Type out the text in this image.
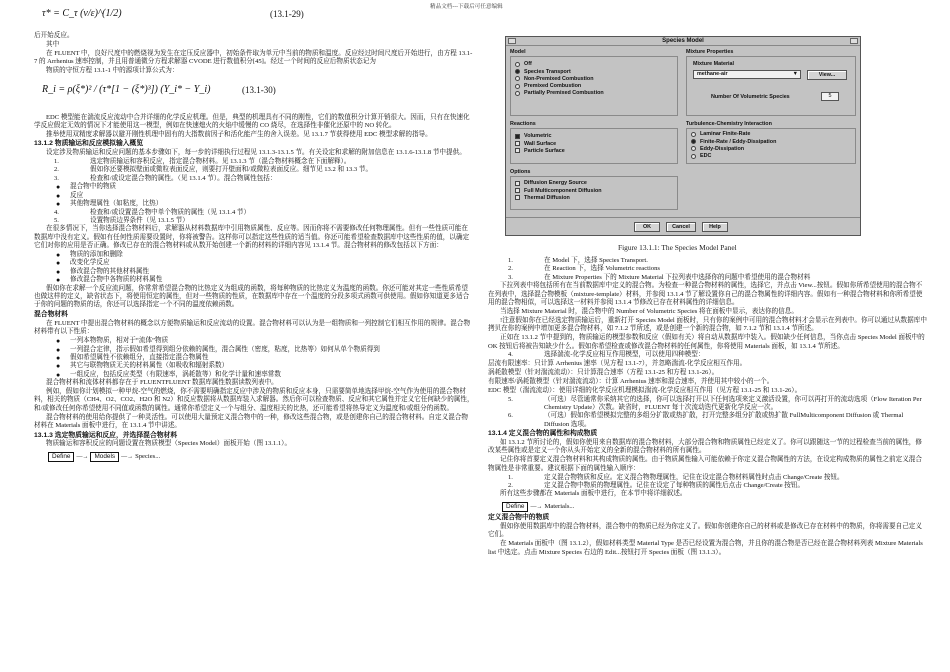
精品文档---下载后可任意编辑
τ* = C_τ (ν/ε)^(1/2)	(13.1-29)

后开始反应。

其中

在 FLUENT 中，良好尺度中的燃烧视为发生在定压反应器中，初始条件取为单元中当前的物质和温度。反应经过时间尺度后开始进行，由方程 13.1-7 的 Arrhenius 速率控制，并且用普通微分方程求解器 CVODE 进行数值积分[45]。经过一个时间的反应后物质状态记为

物质的守恒方程 13.1-1 中的源项计算公式为：

R_i = ρ(ξ*)² / (τ*[1 − (ξ*)³]) (Y_i* − Y_i)	(13.1-30)

EDC 模型能在湍流反应流动中合并详细的化学反应机理。但是，典型的机理具有不同的刚性，它们的数值积分计算开销很大。因而，只有在快速化学反应假定无效的情况下才能使用这一模型，例如在快速熄火的火焰中缓慢的 CO 烧尽，在选择性非催化还原中的 NO 转化。

推举使用双精度求解器以避开刚性机理中固有的大指数前因子和活化能产生的舍入误差。见 13.1.7 节获得使用 EDC 模型求解的指导。

13.1.2 物质输运和反应模拟输入概览

设定涉及物质输运和反应问题的基本步骤如下，每一步的详细执行过程见 13.1.3-13.1.5 节。有关设定和求解的附加信息在 13.1.6-13.1.8 节中提供。

1.	选定物质输运和容积反应，指定混合物材料。见 13.1.3 节（混合物材料概念在下面解释）。
2.	假如你还要模拟壁面或微粒表面反应，则要打开壁面和/或微粒表面反应。细节见 13.2 和 13.3 节。
3.	检查和/或设定混合物的属性。（见 13.1.4 节）。混合物属性包括：
●	混合物中的物质
●	反应
●	其他物理属性（如粘度，比热）
4.	检查和/或设置混合物中单个物质的属性（见 13.1.4 节）
5.	设置物质边界条件（见 13.1.5 节）

在很多情况下，当你选择混合物材料后，求解器从材料数据库中引用物质属性、反应等。因而你将不需要修改任何物理属性。但有一些性质可能在数据库中没有定义。假如有任何性质需要设置时，你将被警告。这样你可以指定这些性质的适当值。你还可能希望检查数据库中这些性质的值，以确定它们对你的应用是否正确。修改已存在的混合物材料或从数开始创建一个新的材料的详细内容见 13.1.4 节。混合物材料的修改包括以下方面：

●	物质的添加和删除
●	改变化学反应
●	修改混合物的其他材料属性
●	修改混合物中各物质的材料属性

假如你在求解一个反应流问题，你常常希望混合物的比热定义为组成的函数，将每种物质的比热定义为温度的函数。你还可能对其定一些性质希望也做这样的定义，缺省状态下，将使用恒定的属性，但对一些物质的性质，在数据库中存在一个温度的分段多项式函数可供使用。假如你知道更多适合于你的问题的物质的话，你还可以选择指定一个不同的温度依赖函数。

混合物材料

在 FLUENT 中提出混合物材料的概念以方便物质输运和反应流动的设置。混合物材料可以认为是一组物质和一列控制它们相互作用的规律。混合物材料带有以下性质：

●	一列本物物质，相对于“流体”物质
●	一列混合定律，指示假如希望得到组分依赖的属性，混合属性（密度，粘度，比热等）如何从单个物质得到
●	假如希望属性不依赖组分，直接指定混合物属性
●	其它与联物物质无关的材料属性（如吸收和辐射系数）
●	一组反应，包括反应类型（有限速率，涡耗散等）和化学计量和速率常数

混合物材料和流体材料都存在于 FLUENTFLUENT 数据库属性数据读数列表中。

例如，假如你计划模拟一种甲烷-空气的燃烧，你不需要明确指定反应中涉及的物质和反应本身，只需要简单地选择甲烷-空气作为使用的混合物材料，相关的物质（CH4、O2、CO2、H2O 和 N2）和反应数据将从数据库装入求解器。然后你可以检查物质、反应和其它属性并定义它任何缺少的属性，和/或修改任何你希望使用不同值或函数的属性。通常你希望定义一个与组分、温度相关的比热，还可能希望将热导定义为温度和/或组分的函数。

混合物材料的使用给你提供了一种灵活性。可以使用大量预定义混合物中的一种，修改这些混合物，或是创建你自己的混合物材料。自定义混合物材料在 Materials 面板中进行，在 13.1.4 节中讲述。

13.1.3 选定物质输运和反应，并选择混合物材料

物质输运和容积反应的问题设置在物质模型（Species Model）面板开始（图 13.1.1）。

Define	—→ Models	—→ Species...
Species Model
Model
Off
Species Transport
Non-Premixed Combustion
Premixed Combustion
Partially Premixed Combustion
Mixture Properties
Mixture Material
methane-air	▼	View...
Number Of Volumetric Species	5
Reactions
Volumetric
Wall Surface
Particle Surface
Turbulence-Chemistry Interaction
Laminar Finite-Rate
Finite-Rate / Eddy-Dissipation
Eddy-Dissipation
EDC
Options
Diffusion Energy Source
Full Multicomponent Diffusion
Thermal Diffusion
OK	Cancel	Help
Figure 13.1.1: The Species Model Panel
1.	在 Model 下，选择 Species Transport.
2.	在 Reaction 下，选择 Volumetric reactions
3.	在 Mixture Properties 下的 Mixture Material 下拉列表中选择你的问题中希望使用的混合物材料

下拉列表中将包括所有在当前数据库中定义的混合物。为检查一种混合物材料的属性，选择它，并点击 View...按钮。假如你所希望使用的混合物不在列表中，选择混合物模板（mixture-template）材料，并参阅 13.1.4 节了解设置你自己的混合物属性的详细内容。假如有一种混合物材料和你所希望使用的混合物相似，可以选择这一材料并参阅 13.1.4 节修改已存在材料属性的详细信息。

当选择 Mixture Material 时，混合物中的 Number of Volumetric Species 将在面板中显示，表达你的信息。

!注意假如你在已经选定物质输运后，重新打开 Species Model 面板时，只有你的案例中可用的混合物材料才会显示在列表中。你可以通过从数据库中拷贝在你的案例中增加更多混合物材料，如 7.1.2 节所述，或是创建一个新的混合物，如 7.1.2 节和 13.1.4 节所述。

正如在 13.1.2 节中提到的，物质输运的模型参数和反应（假如有关）将自动从数据库中装入。假如缺少任何信息，当你点击 Species Model 面板中的 OK 按钮后将被告知缺少什么。假如你希望检查或修改混合物材料的任何属性，你将使用 Materials 面板，如 13.1.4 节所述。

4.	选择湍流-化学反应相互作用模型，可以使用四种模型：

层流有限速率：只计算 Arrhenius 速率（见方程 13.1-7），并忽略湍流-化学反应相互作用。

涡耗散模型（针对湍流流动）：只计算混合速率（方程 13.1-25 和方程 13.1-26）。

有限速率/涡耗散模型（针对湍流流动）：计算 Arrhenius 速率和混合速率，并使用其中较小的一个。

EDC 模型（湍流流动）：使用详细的化学反应机理模拟湍流-化学反应相互作用（见方程 13.1-25 和 13.1-26）。

5.	（可选）尽管通常你采纳其它的选择，你可以选择打开以下任何选项来定义激活设置，你可以再打开的流动选项（Flow Iteration Per Chemistry Update）次数。缺省时，FLUENT 每十次流动迭代更新化学反应一次。
6.	（可选）假如你希望模拟完整的多组分扩散或热扩散，打开完整多组分扩散或热扩散 FullMulticomponent Diffusion 或 Thermal Diffusion 选项。

13.1.4 定义混合物的属性和构成物质

如 13.1.2 节所讨论的，假如你使用来自数据库的混合物材料，大部分混合物和物质属性已经定义了。你可以跟随这一节的过程检查当前的属性，修改某些属性或是定义一个你从头开始定义的全新的混合物材料的所有属性。

记住你将首要定义混合物材料和其构成物质的属性。由于物质属性输入可能依赖于你定义混合物属性的方法，在设定构成物质的属性之前定义混合物属性是非常重要。建议根据下面的属性输入顺序：

1.	定义混合物物质和反应。定义混合物物理属性，记住在设定混合物材料属性时点击 Change/Create 按钮。
2.	定义混合物中物质的物理属性。记住在设定了每种物质的属性后点击 Change/Create 按钮。

所有这些步骤都在 Materials 面板中进行，在本节中将详细叙述。

Define	—→ Materials...

定义混合物中的物质

假如你使用数据库中的混合物材料，混合物中的物质已经为你定义了。假如你创建你自己的材料或是修改已存在材料中的物质，你将需要自己定义它们。

在 Materials 面板中（图 13.1.2），假如材料类型 Material Type 是否已经设置为混合物，并且你的混合物是否已经在混合物材料列表 Mixture Materials list 中选定。点击 Mixture Species 右边的 Edit...按钮打开 Species 面板（图 13.1.3）。
